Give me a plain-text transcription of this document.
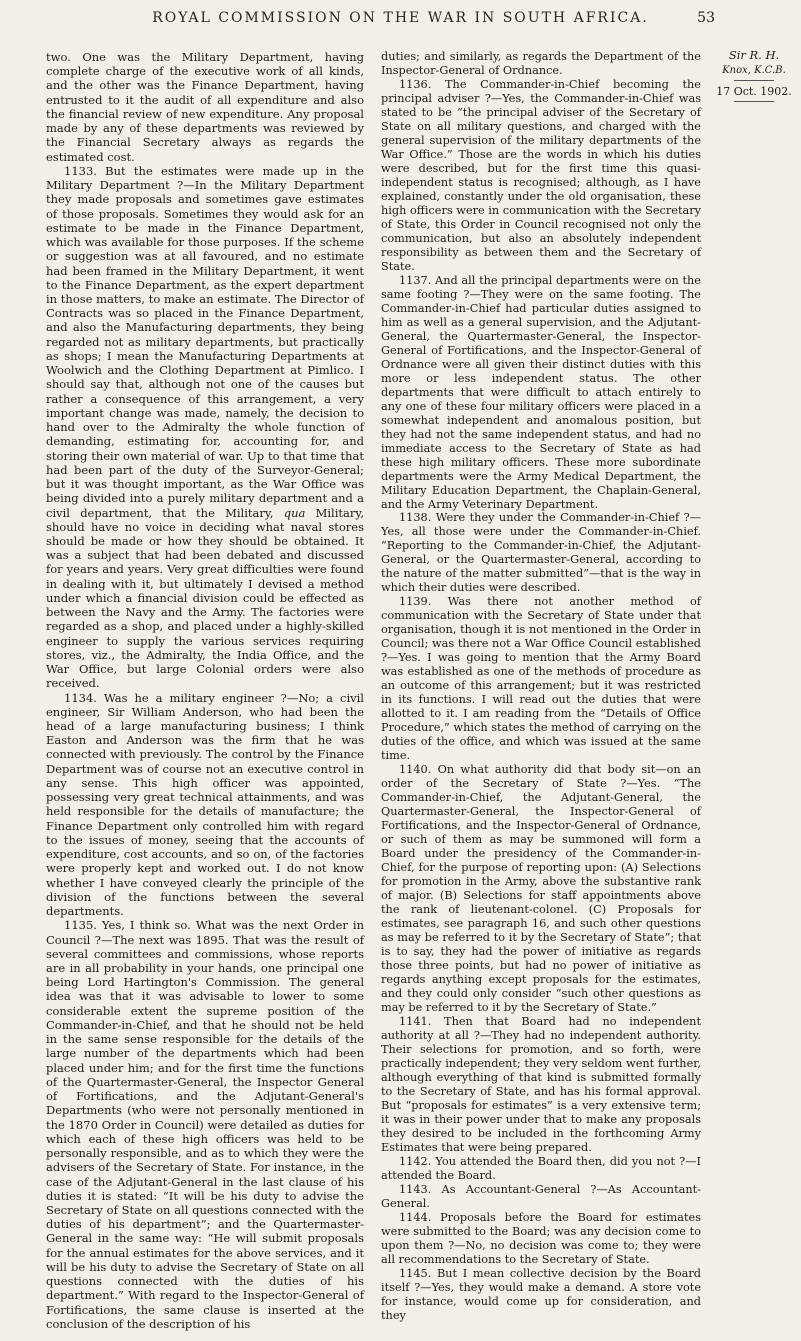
ROYAL COMMISSION ON THE WAR IN SOUTH AFRICA.	53

two. One was the Military Department, having complete charge of the executive work of all kinds, and the other was the Finance Department, having entrusted to it the audit of all expenditure and also the financial review of new expenditure. Any proposal made by any of these departments was reviewed by the Financial Secretary always as regards the estimated cost.

1133. But the estimates were made up in the Military Department ?—In the Military Department they made proposals and sometimes gave estimates of those proposals. Sometimes they would ask for an estimate to be made in the Finance Department, which was available for those purposes. If the scheme or suggestion was at all favoured, and no estimate had been framed in the Military Department, it went to the Finance Department, as the expert department in those matters, to make an estimate. The Director of Contracts was so placed in the Finance Department, and also the Manufacturing departments, they being regarded not as military departments, but practically as shops; I mean the Manufacturing Departments at Woolwich and the Clothing Department at Pimlico. I should say that, although not one of the causes but rather a consequence of this arrangement, a very important change was made, namely, the decision to hand over to the Admiralty the whole function of demanding, estimating for, accounting for, and storing their own material of war. Up to that time that had been part of the duty of the Surveyor-General; but it was thought important, as the War Office was being divided into a purely military department and a civil department, that the Military, qua Military, should have no voice in deciding what naval stores should be made or how they should be obtained. It was a subject that had been debated and discussed for years and years. Very great difficulties were found in dealing with it, but ultimately I devised a method under which a financial division could be effected as between the Navy and the Army. The factories were regarded as a shop, and placed under a highly-skilled engineer to supply the various services requiring stores, viz., the Admiralty, the India Office, and the War Office, but large Colonial orders were also received.

1134. Was he a military engineer ?—No; a civil engineer, Sir William Anderson, who had been the head of a large manufacturing business; I think Easton and Anderson was the firm that he was connected with previously. The control by the Finance Department was of course not an executive control in any sense. This high officer was appointed, possessing very great technical attainments, and was held responsible for the details of manufacture; the Finance Department only controlled him with regard to the issues of money, seeing that the accounts of expenditure, cost accounts, and so on, of the factories were properly kept and worked out. I do not know whether I have conveyed clearly the principle of the division of the functions between the several departments.

1135. Yes, I think so. What was the next Order in Council ?—The next was 1895. That was the result of several committees and commissions, whose reports are in all probability in your hands, one principal one being Lord Hartington's Commission. The general idea was that it was advisable to lower to some considerable extent the supreme position of the Commander-in-Chief, and that he should not be held in the same sense responsible for the details of the large number of the departments which had been placed under him; and for the first time the functions of the Quartermaster-General, the Inspector General of Fortifications, and the Adjutant-General's Departments (who were not personally mentioned in the 1870 Order in Council) were detailed as duties for which each of these high officers was held to be personally responsible, and as to which they were the advisers of the Secretary of State. For instance, in the case of the Adjutant-General in the last clause of his duties it is stated: “It will be his duty to advise the Secretary of State on all questions connected with the duties of his department”; and the Quartermaster-General in the same way: “He will submit proposals for the annual estimates for the above services, and it will be his duty to advise the Secretary of State on all questions connected with the duties of his department.” With regard to the Inspector-General of Fortifications, the same clause is inserted at the conclusion of the description of his

duties; and similarly, as regards the Department of the Inspector-General of Ordnance.

1136. The Commander-in-Chief becoming the principal adviser ?—Yes, the Commander-in-Chief was stated to be “the principal adviser of the Secretary of State on all military questions, and charged with the general supervision of the military departments of the War Office.” Those are the words in which his duties were described, but for the first time this quasi-independent status is recognised; although, as I have explained, constantly under the old organisation, these high officers were in communication with the Secretary of State, this Order in Council recognised not only the communication, but also an absolutely independent responsibility as between them and the Secretary of State.

1137. And all the principal departments were on the same footing ?—They were on the same footing. The Commander-in-Chief had particular duties assigned to him as well as a general supervision, and the Adjutant-General, the Quartermaster-General, the Inspector-General of Fortifications, and the Inspector-General of Ordnance were all given their distinct duties with this more or less independent status. The other departments that were difficult to attach entirely to any one of these four military officers were placed in a somewhat independent and anomalous position, but they had not the same independent status, and had no immediate access to the Secretary of State as had these high military officers. These more subordinate departments were the Army Medical Department, the Military Education Department, the Chaplain-General, and the Army Veterinary Department.

1138. Were they under the Commander-in-Chief ?—Yes, all those were under the Commander-in-Chief. “Reporting to the Commander-in-Chief, the Adjutant-General, or the Quartermaster-General, according to the nature of the matter submitted”—that is the way in which their duties were described.

1139. Was there not another method of communication with the Secretary of State under that organisation, though it is not mentioned in the Order in Council; was there not a War Office Council established ?—Yes. I was going to mention that the Army Board was established as one of the methods of procedure as an outcome of this arrangement; but it was restricted in its functions. I will read out the duties that were allotted to it. I am reading from the “Details of Office Procedure,” which states the method of carrying on the duties of the office, and which was issued at the same time.

1140. On what authority did that body sit—on an order of the Secretary of State ?—Yes. “The Commander-in-Chief, the Adjutant-General, the Quartermaster-General, the Inspector-General of Fortifications, and the Inspector-General of Ordnance, or such of them as may be summoned will form a Board under the presidency of the Commander-in-Chief, for the purpose of reporting upon: (A) Selections for promotion in the Army, above the substantive rank of major. (B) Selections for staff appointments above the rank of lieutenant-colonel. (C) Proposals for estimates, see paragraph 16, and such other questions as may be referred to it by the Secretary of State”; that is to say, they had the power of initiative as regards those three points, but had no power of initiative as regards anything except proposals for the estimates, and they could only consider “such other questions as may be referred to it by the Secretary of State.”

1141. Then that Board had no independent authority at all ?—They had no independent authority. Their selections for promotion, and so forth, were practically independent; they very seldom went further, although everything of that kind is submitted formally to the Secretary of State, and has his formal approval. But “proposals for estimates” is a very extensive term; it was in their power under that to make any proposals they desired to be included in the forthcoming Army Estimates that were being prepared.

1142. You attended the Board then, did you not ?—I attended the Board.

1143. As Accountant-General ?—As Accountant-General.

1144. Proposals before the Board for estimates were submitted to the Board; was any decision come to upon them ?—No, no decision was come to; they were all recommendations to the Secretary of State.

1145. But I mean collective decision by the Board itself ?—Yes, they would make a demand. A store vote for instance, would come up for consideration, and they

Sir R. H.
Knox, K.C.B.
17 Oct. 1902.
